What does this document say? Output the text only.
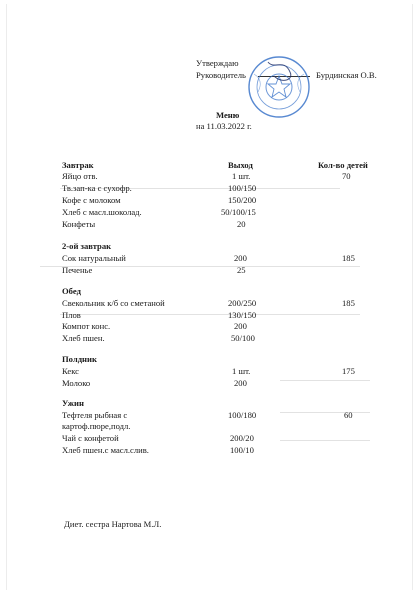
Утверждаю
Руководитель	Бурдинская О.В.
Меню
на 11.03.2022 г.
Завтрак	Выход	Кол-во детей
Яйцо отв.	1 шт.	70
Тв.зап-ка с сухофр.	100/150
Кофе с молоком	150/200
Хлеб с масл.шоколад.	50/100/15
Конфеты	20
2-ой завтрак
Сок натуральный	200	185
Печенье	25
Обед
Свекольник к/б со сметаной	200/250	185
Плов	130/150
Компот конс.	200
Хлеб пшен.	50/100
Полдник
Кекс	1 шт.	175
Молоко	200
Ужин
Тефтеля рыбная с	100/180	60
картоф.пюре,подл.
Чай с конфетой	200/20
Хлеб пшен.с масл.слив.	100/10
Диет. сестра Нартова М.Л.
